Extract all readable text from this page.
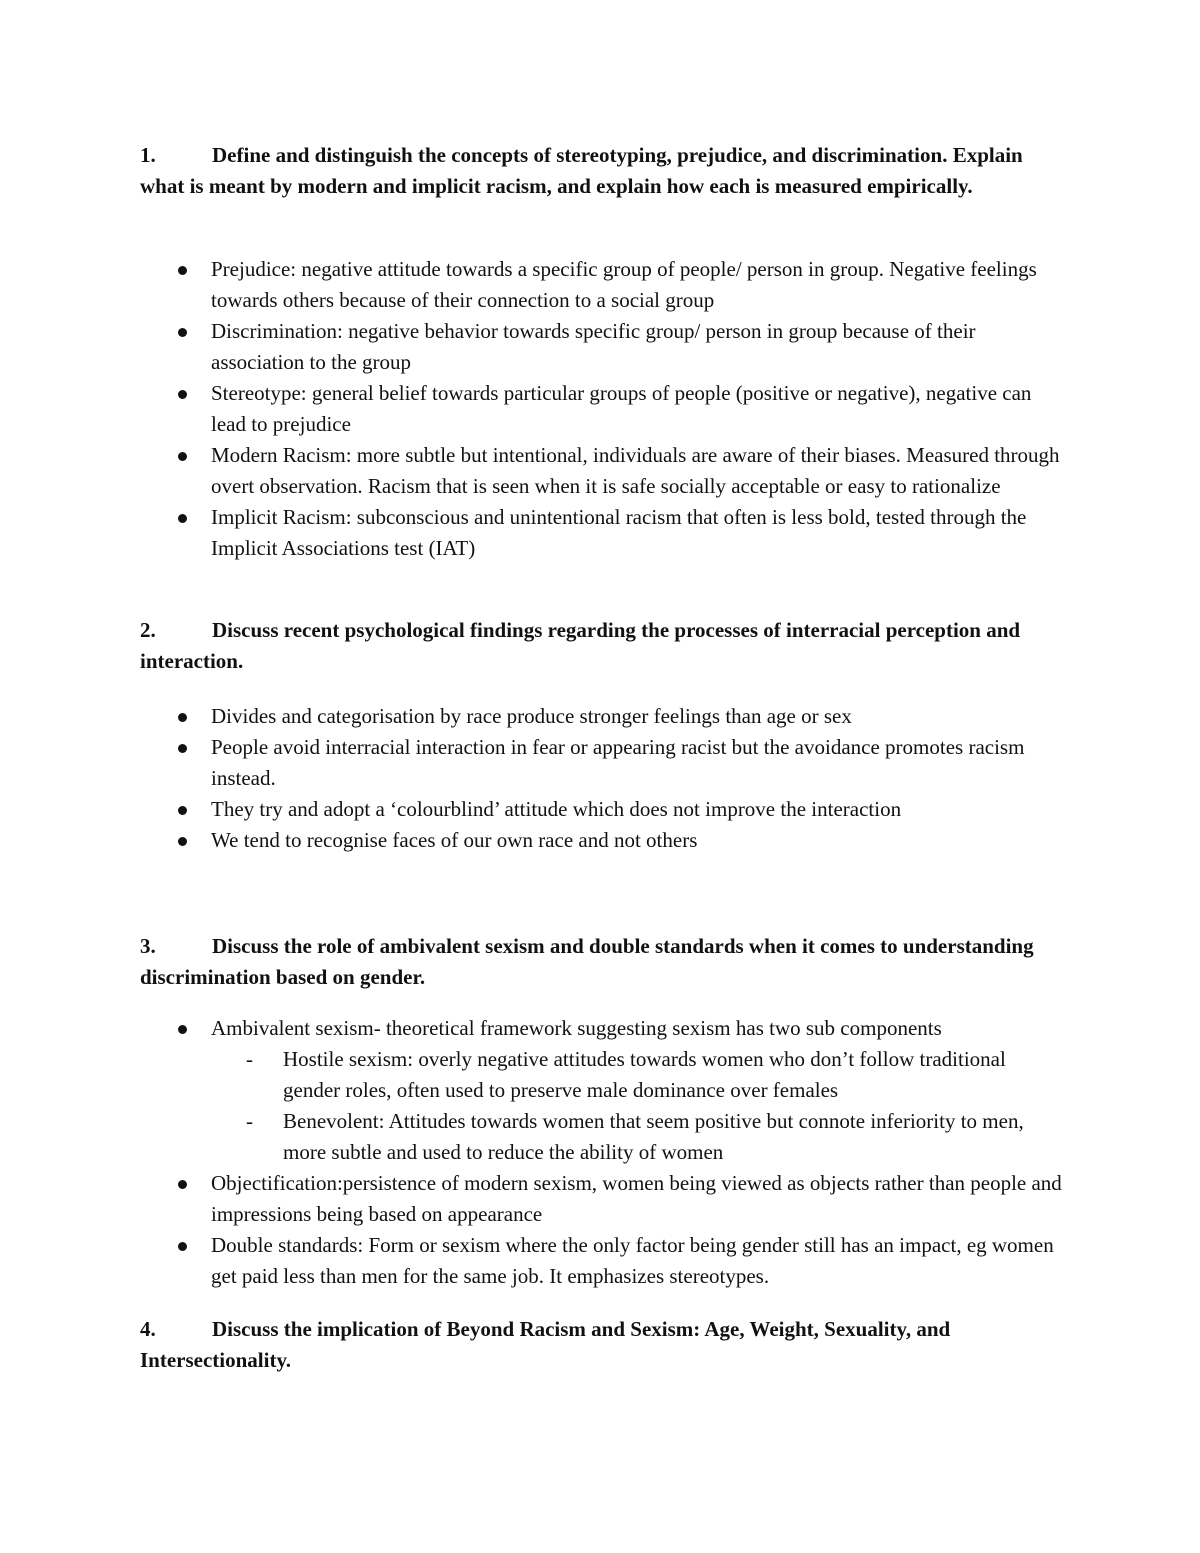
1.	Define and distinguish the concepts of stereotyping, prejudice, and discrimination. Explain what is meant by modern and implicit racism, and explain how each is measured empirically.

Prejudice: negative attitude towards a specific group of people/ person in group. Negative feelings towards others because of their connection to a social group
Discrimination: negative behavior towards specific group/ person in group because of their association to the group
Stereotype: general belief towards particular groups of people (positive or negative), negative can lead to prejudice
Modern Racism: more subtle but intentional, individuals are aware of their biases. Measured through overt observation. Racism that is seen when it is safe socially acceptable or easy to rationalize
Implicit Racism: subconscious and unintentional racism that often is less bold, tested through the Implicit Associations test (IAT)

2.	Discuss recent psychological findings regarding the processes of interracial perception and interaction.

Divides and categorisation by race produce stronger feelings than age or sex
People avoid interracial interaction in fear or appearing racist but the avoidance promotes racism instead.
They try and adopt a ‘colourblind’ attitude which does not improve the interaction
We tend to recognise faces of our own race and not others

3.	Discuss the role of ambivalent sexism and double standards when it comes to understanding discrimination based on gender.

Ambivalent sexism- theoretical framework suggesting sexism has two sub components
- Hostile sexism: overly negative attitudes towards women who don’t follow traditional gender roles, often used to preserve male dominance over females
- Benevolent: Attitudes towards women that seem positive but connote inferiority to men, more subtle and used to reduce the ability of women
Objectification:persistence of modern sexism, women being viewed as objects rather than people and impressions being based on appearance
Double standards: Form or sexism where the only factor being gender still has an impact, eg women get paid less than men for the same job. It emphasizes stereotypes.

4.	Discuss the implication of Beyond Racism and Sexism: Age, Weight, Sexuality, and Intersectionality.
